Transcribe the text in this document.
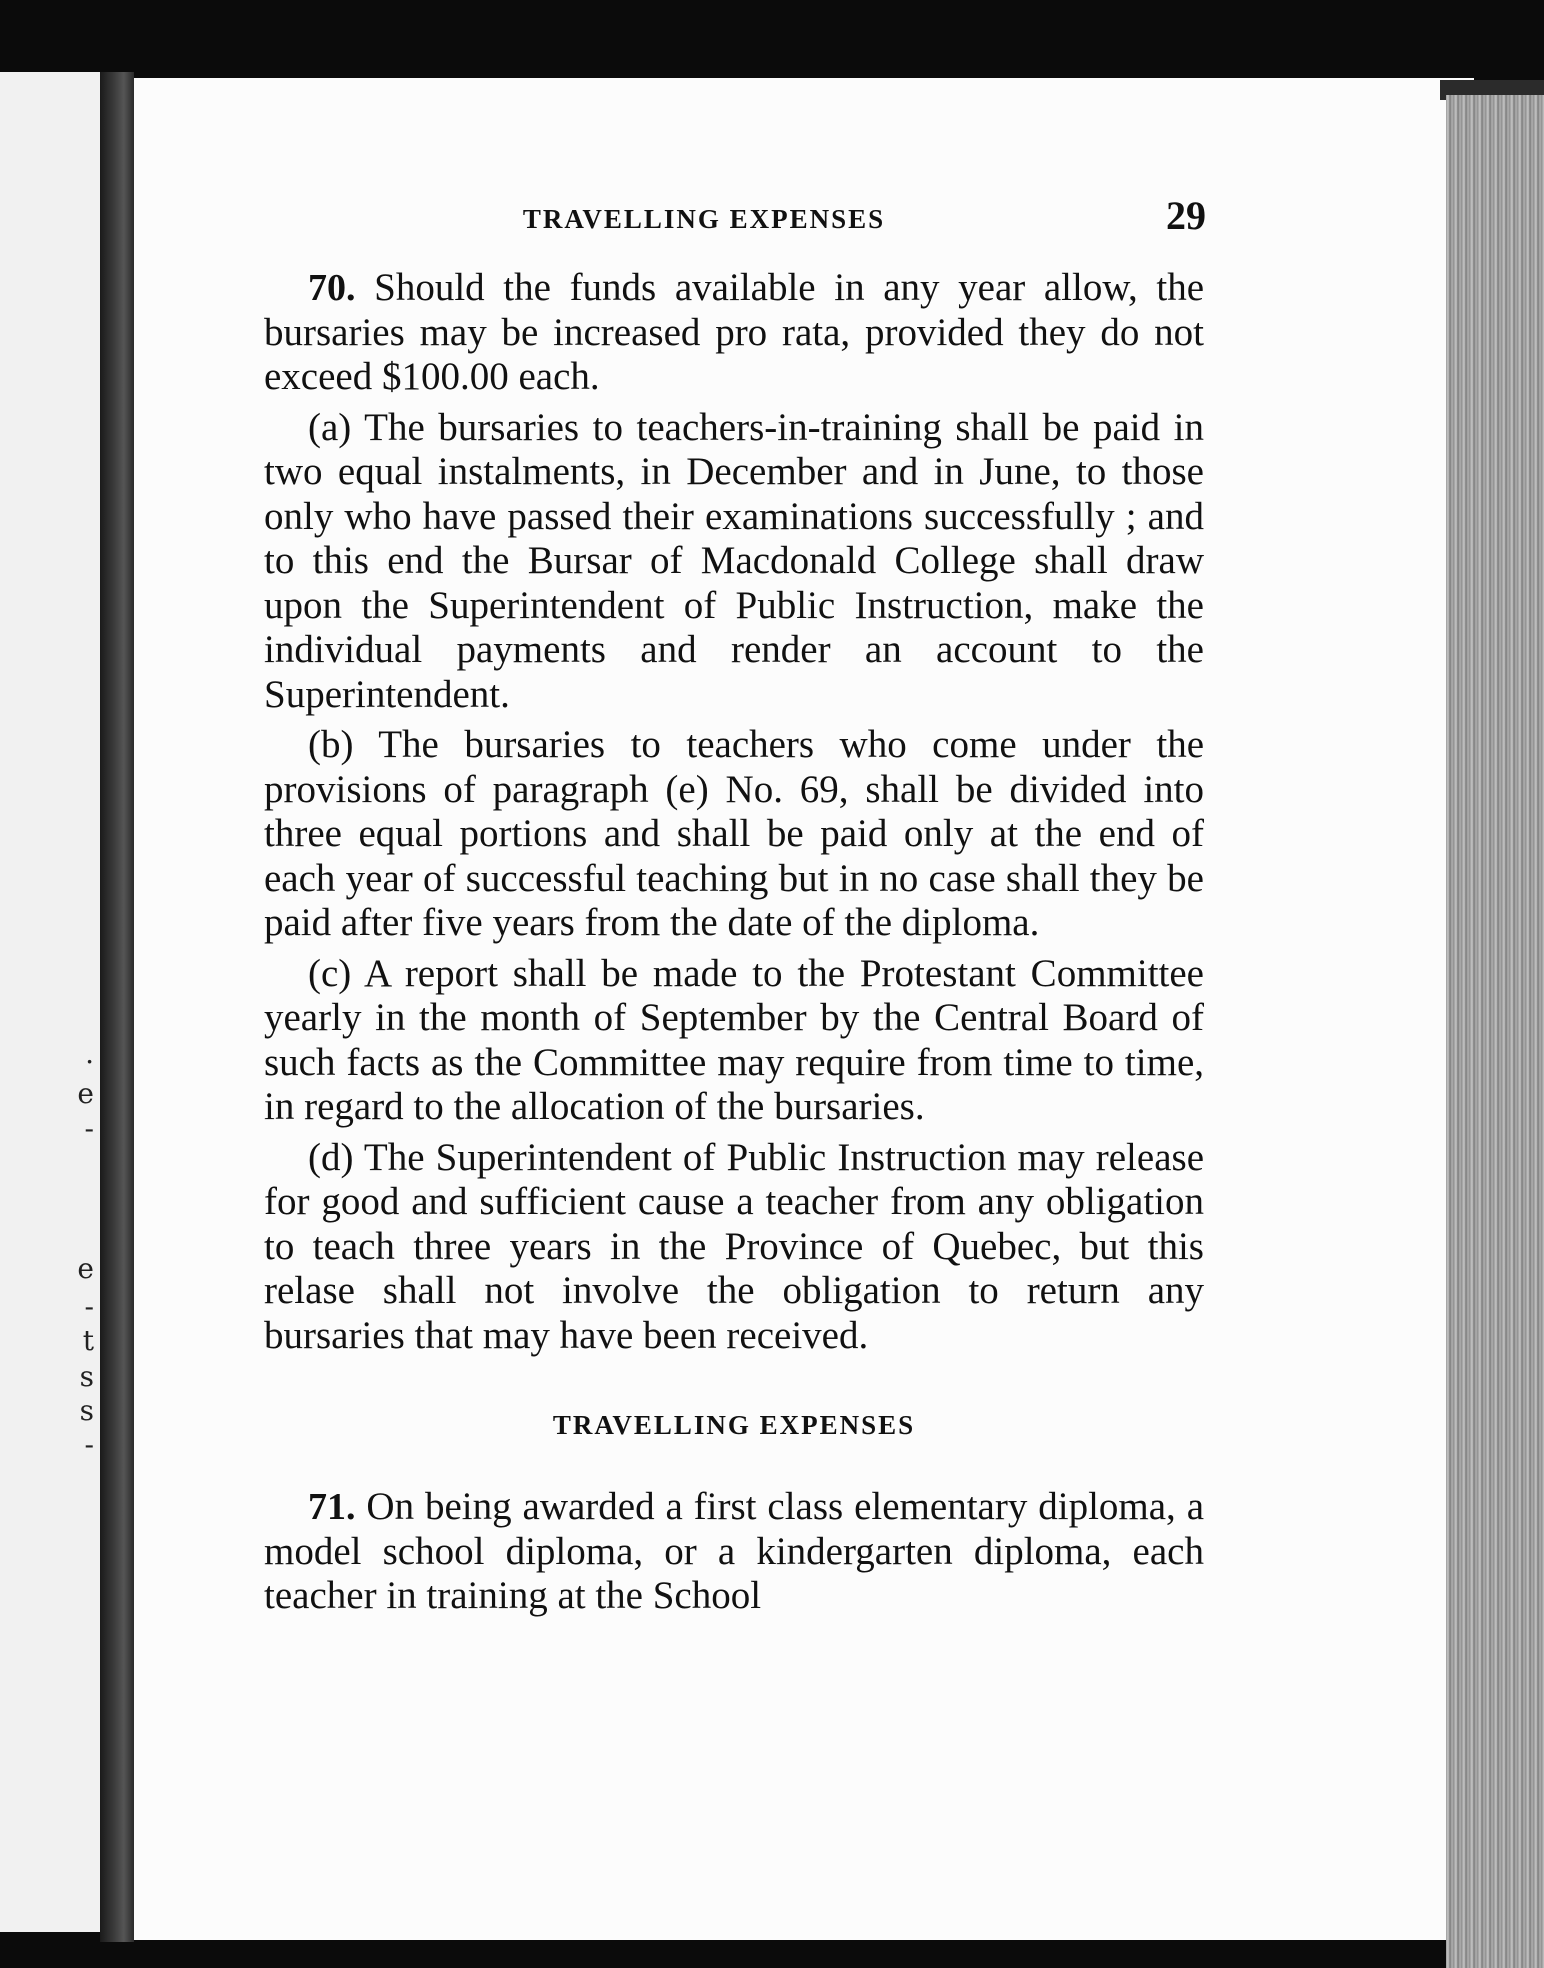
.
e
-
e
-
t
s
s
-
TRAVELLING EXPENSES	29

70. Should the funds available in any year allow, the bursaries may be increased pro rata, provided they do not exceed $100.00 each.

(a) The bursaries to teachers-in-training shall be paid in two equal instalments, in December and in June, to those only who have passed their examinations successfully ; and to this end the Bursar of Macdonald College shall draw upon the Superintendent of Public Instruction, make the individual payments and render an account to the Superintendent.

(b) The bursaries to teachers who come under the provisions of paragraph (e) No. 69, shall be divided into three equal portions and shall be paid only at the end of each year of successful teaching but in no case shall they be paid after five years from the date of the diploma.

(c) A report shall be made to the Protestant Committee yearly in the month of September by the Central Board of such facts as the Committee may require from time to time, in regard to the allocation of the bursaries.

(d) The Superintendent of Public Instruction may release for good and sufficient cause a teacher from any obligation to teach three years in the Province of Quebec, but this relase shall not involve the obligation to return any bursaries that may have been received.

TRAVELLING EXPENSES

71. On being awarded a first class elementary diploma, a model school diploma, or a kindergarten diploma, each teacher in training at the School
